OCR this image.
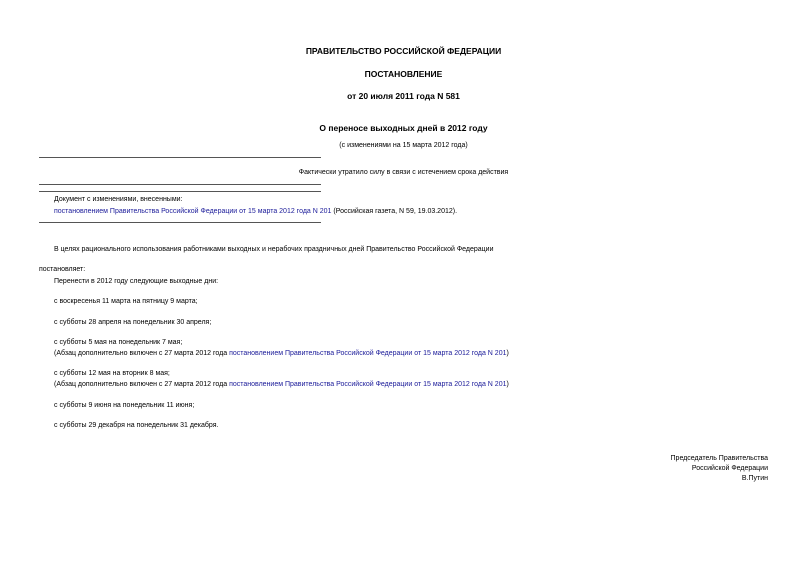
ПРАВИТЕЛЬСТВО РОССИЙСКОЙ ФЕДЕРАЦИИ
ПОСТАНОВЛЕНИЕ
от 20 июля 2011 года N 581
О переносе выходных дней в 2012 году
(с изменениями на 15 марта 2012 года)
Фактически утратило силу в связи с истечением срока действия
Документ с изменениями, внесенными:
постановлением Правительства Российской Федерации от 15 марта 2012 года N 201 (Российская газета, N 59, 19.03.2012).
В целях рационального использования работниками выходных и нерабочих праздничных дней Правительство Российской Федерации
постановляет:
Перенести в 2012 году следующие выходные дни:
с воскресенья 11 марта на пятницу 9 марта;
с субботы 28 апреля на понедельник 30 апреля;
с субботы 5 мая на понедельник 7 мая;
(Абзац дополнительно включен с 27 марта 2012 года постановлением Правительства Российской Федерации от 15 марта 2012 года N 201)
с субботы 12 мая на вторник 8 мая;
(Абзац дополнительно включен с 27 марта 2012 года постановлением Правительства Российской Федерации от 15 марта 2012 года N 201)
с субботы 9 июня на понедельник 11 июня;
с субботы 29 декабря на понедельник 31 декабря.
Председатель Правительства
Российской Федерации
В.Путин
